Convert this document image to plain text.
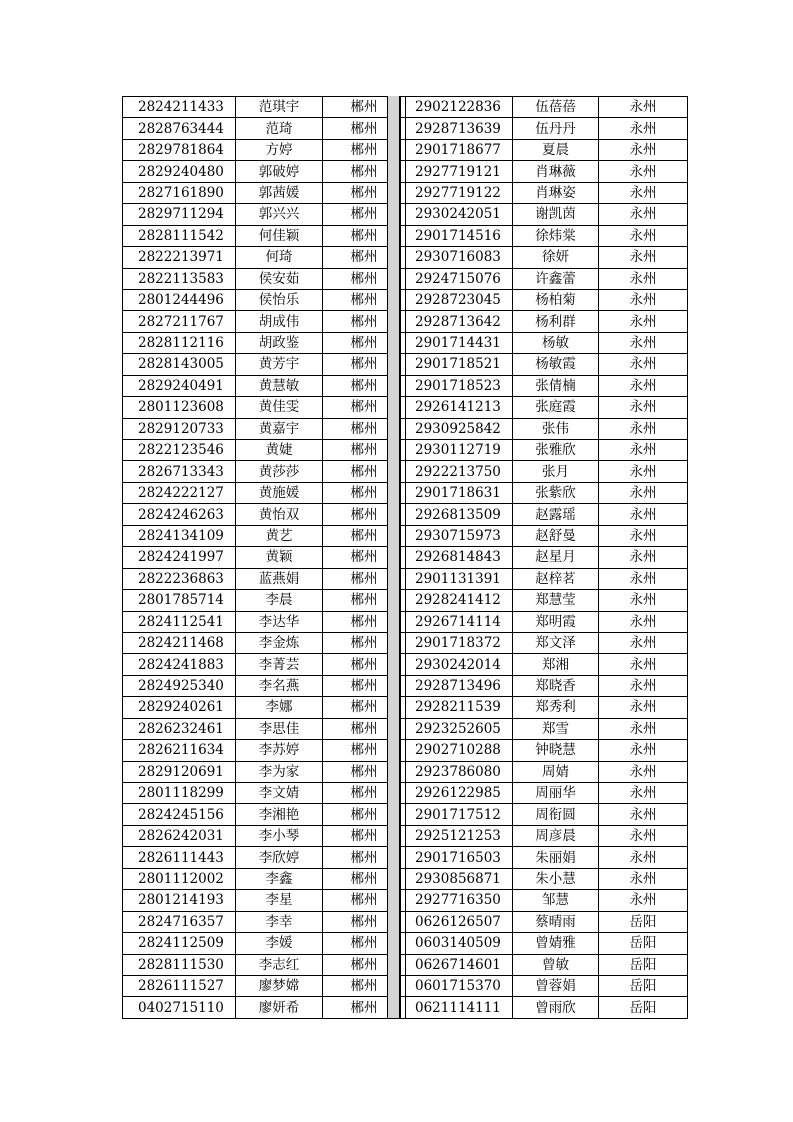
2824211433	范琪宇	郴州
2828763444	范琦	郴州
2829781864	方婷	郴州
2829240480	郭破婷	郴州
2827161890	郭茜媛	郴州
2829711294	郭兴兴	郴州
2828111542	何佳颖	郴州
2822213971	何琦	郴州
2822113583	侯安茹	郴州
2801244496	侯怡乐	郴州
2827211767	胡成伟	郴州
2828112116	胡政鉴	郴州
2828143005	黄芳宇	郴州
2829240491	黄慧敏	郴州
2801123608	黄佳雯	郴州
2829120733	黄嘉宇	郴州
2822123546	黄婕	郴州
2826713343	黄莎莎	郴州
2824222127	黄施媛	郴州
2824246263	黄怡双	郴州
2824134109	黄艺	郴州
2824241997	黄颖	郴州
2822236863	蓝燕娟	郴州
2801785714	李晨	郴州
2824112541	李达华	郴州
2824211468	李金炼	郴州
2824241883	李菁芸	郴州
2824925340	李名燕	郴州
2829240261	李娜	郴州
2826232461	李思佳	郴州
2826211634	李苏婷	郴州
2829120691	李为家	郴州
2801118299	李文婧	郴州
2824245156	李湘艳	郴州
2826242031	李小琴	郴州
2826111443	李欣婷	郴州
2801112002	李鑫	郴州
2801214193	李星	郴州
2824716357	李幸	郴州
2824112509	李媛	郴州
2828111530	李志红	郴州
2826111527	廖梦嫦	郴州
0402715110	廖妍希	郴州
2902122836	伍蓓蓓	永州
2928713639	伍丹丹	永州
2901718677	夏晨	永州
2927719121	肖琳薇	永州
2927719122	肖琳姿	永州
2930242051	谢凯茵	永州
2901714516	徐炜棠	永州
2930716083	徐妍	永州
2924715076	许鑫蕾	永州
2928723045	杨柏菊	永州
2928713642	杨利群	永州
2901714431	杨敏	永州
2901718521	杨敏霞	永州
2901718523	张倩楠	永州
2926141213	张庭霞	永州
2930925842	张伟	永州
2930112719	张雅欣	永州
2922213750	张月	永州
2901718631	张紫欣	永州
2926813509	赵露瑶	永州
2930715973	赵舒曼	永州
2926814843	赵星月	永州
2901131391	赵梓茗	永州
2928241412	郑慧莹	永州
2926714114	郑明霞	永州
2901718372	郑文泽	永州
2930242014	郑湘	永州
2928713496	郑晓香	永州
2928211539	郑秀利	永州
2923252605	郑雪	永州
2902710288	钟晓慧	永州
2923786080	周婧	永州
2926122985	周丽华	永州
2901717512	周衔圆	永州
2925121253	周彦晨	永州
2901716503	朱丽娟	永州
2930856871	朱小慧	永州
2927716350	邹慧	永州
0626126507	蔡晴雨	岳阳
0603140509	曾婧雅	岳阳
0626714601	曾敏	岳阳
0601715370	曾蓉娟	岳阳
0621114111	曾雨欣	岳阳
